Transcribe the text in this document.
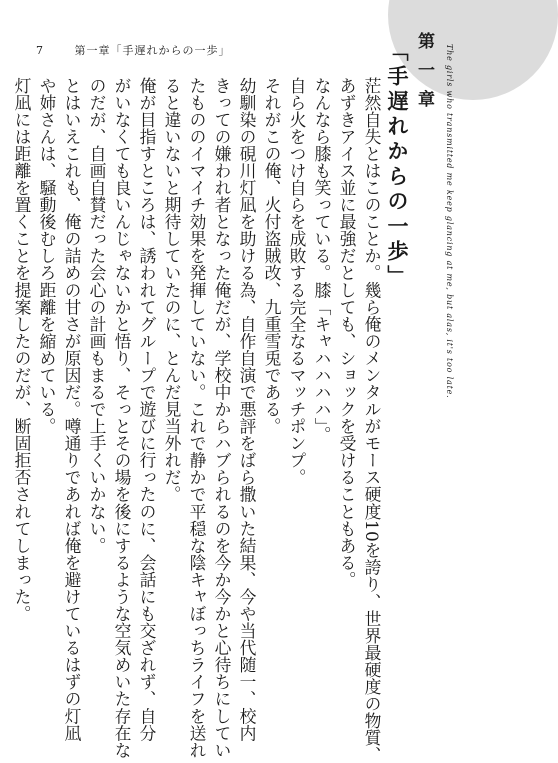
7	第一章「手遅れからの一歩」	The girls who transmitted me keep glancing at me, but alas, it's too late.
第 一 章
「手遅れからの一歩」
茫然自失とはこのことか。幾ら俺のメンタルがモース硬度10を誇り、世界最硬度の物質、
あずきアイス並に最強だとしても、ショックを受けることもある。
なんなら膝も笑っている。膝「キャハハハハ」。
自ら火をつけ自らを成敗する完全なるマッチポンプ。
それがこの俺、火付盗賊改、九重雪兎である。
幼馴染の硯川灯凪を助ける為、自作自演で悪評をばら撒いた結果、今や当代随一、校内
きっての嫌われ者となった俺だが、学校中からハブられるのを今か今かと心待ちにしてい
たもののイマイチ効果を発揮していない。これで静かで平穏な陰キャぼっちライフを送れ
ると違いないと期待していたのに、とんだ見当外れだ。
俺が目指すところは、誘われてグループで遊びに行ったのに、会話にも交ざれず、自分
がいなくても良いんじゃないかと悟り、そっとその場を後にするような空気めいた存在な
のだが、自画自賛だった会心の計画もまるで上手くいかない。
とはいえこれも、俺の詰めの甘さが原因だ。噂通りであれば俺を避けているはずの灯凪
や姉さんは、騒動後むしろ距離を縮めている。
灯凪には距離を置くことを提案したのだが、断固拒否されてしまった。
